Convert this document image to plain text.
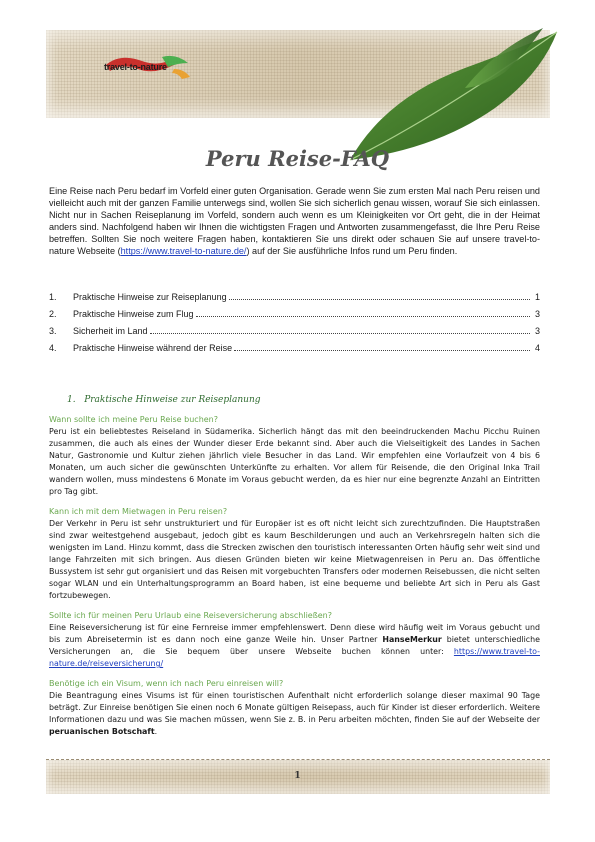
travel-to-nature
Peru Reise-FAQ

Eine Reise nach Peru bedarf im Vorfeld einer guten Organisation. Gerade wenn Sie zum ersten Mal nach Peru reisen und vielleicht auch mit der ganzen Familie unterwegs sind, wollen Sie sich sicherlich genau wissen, worauf Sie sich einlassen. Nicht nur in Sachen Reiseplanung im Vorfeld, sondern auch wenn es um Kleinigkeiten vor Ort geht, die in der Heimat anders sind. Nachfolgend haben wir Ihnen die wichtigsten Fragen und Antworten zusammengefasst, die Ihre Peru Reise betreffen. Sollten Sie noch weitere Fragen haben, kontaktieren Sie uns direkt oder schauen Sie auf unsere travel-to-nature Webseite (https://www.travel-to-nature.de/) auf der Sie ausführliche Infos rund um Peru finden.

1.	Praktische Hinweise zur Reiseplanung	1
2.	Praktische Hinweise zum Flug	3
3.	Sicherheit im Land	3
4.	Praktische Hinweise während der Reise	4
1. Praktische Hinweise zur Reiseplanung
Wann sollte ich meine Peru Reise buchen?

Peru ist ein beliebtestes Reiseland in Südamerika. Sicherlich hängt das mit den beeindruckenden Machu Picchu Ruinen zusammen, die auch als eines der Wunder dieser Erde bekannt sind. Aber auch die Vielseitigkeit des Landes in Sachen Natur, Gastronomie und Kultur ziehen jährlich viele Besucher in das Land. Wir empfehlen eine Vorlaufzeit von 4 bis 6 Monaten, um auch sicher die gewünschten Unterkünfte zu erhalten. Vor allem für Reisende, die den Original Inka Trail wandern wollen, muss mindestens 6 Monate im Voraus gebucht werden, da es hier nur eine begrenzte Anzahl an Eintritten pro Tag gibt.

Kann ich mit dem Mietwagen in Peru reisen?

Der Verkehr in Peru ist sehr unstrukturiert und für Europäer ist es oft nicht leicht sich zurechtzufinden. Die Hauptstraßen sind zwar weitestgehend ausgebaut, jedoch gibt es kaum Beschilderungen und auch an Verkehrsregeln halten sich die wenigsten im Land. Hinzu kommt, dass die Strecken zwischen den touristisch interessanten Orten häufig sehr weit sind und lange Fahrzeiten mit sich bringen. Aus diesen Gründen bieten wir keine Mietwagenreisen in Peru an. Das öffentliche Bussystem ist sehr gut organisiert und das Reisen mit vorgebuchten Transfers oder modernen Reisebussen, die nicht selten sogar WLAN und ein Unterhaltungsprogramm an Board haben, ist eine bequeme und beliebte Art sich in Peru als Gast fortzubewegen.

Sollte ich für meinen Peru Urlaub eine Reiseversicherung abschließen?

Eine Reiseversicherung ist für eine Fernreise immer empfehlenswert. Denn diese wird häufig weit im Voraus gebucht und bis zum Abreisetermin ist es dann noch eine ganze Weile hin. Unser Partner HanseMerkur bietet unterschiedliche Versicherungen an, die Sie bequem über unsere Webseite buchen können unter: https://www.travel-to-nature.de/reiseversicherung/

Benötige ich ein Visum, wenn ich nach Peru einreisen will?

Die Beantragung eines Visums ist für einen touristischen Aufenthalt nicht erforderlich solange dieser maximal 90 Tage beträgt. Zur Einreise benötigen Sie einen noch 6 Monate gültigen Reisepass, auch für Kinder ist dieser erforderlich. Weitere Informationen dazu und was Sie machen müssen, wenn Sie z. B. in Peru arbeiten möchten, finden Sie auf der Webseite der peruanischen Botschaft.

1
